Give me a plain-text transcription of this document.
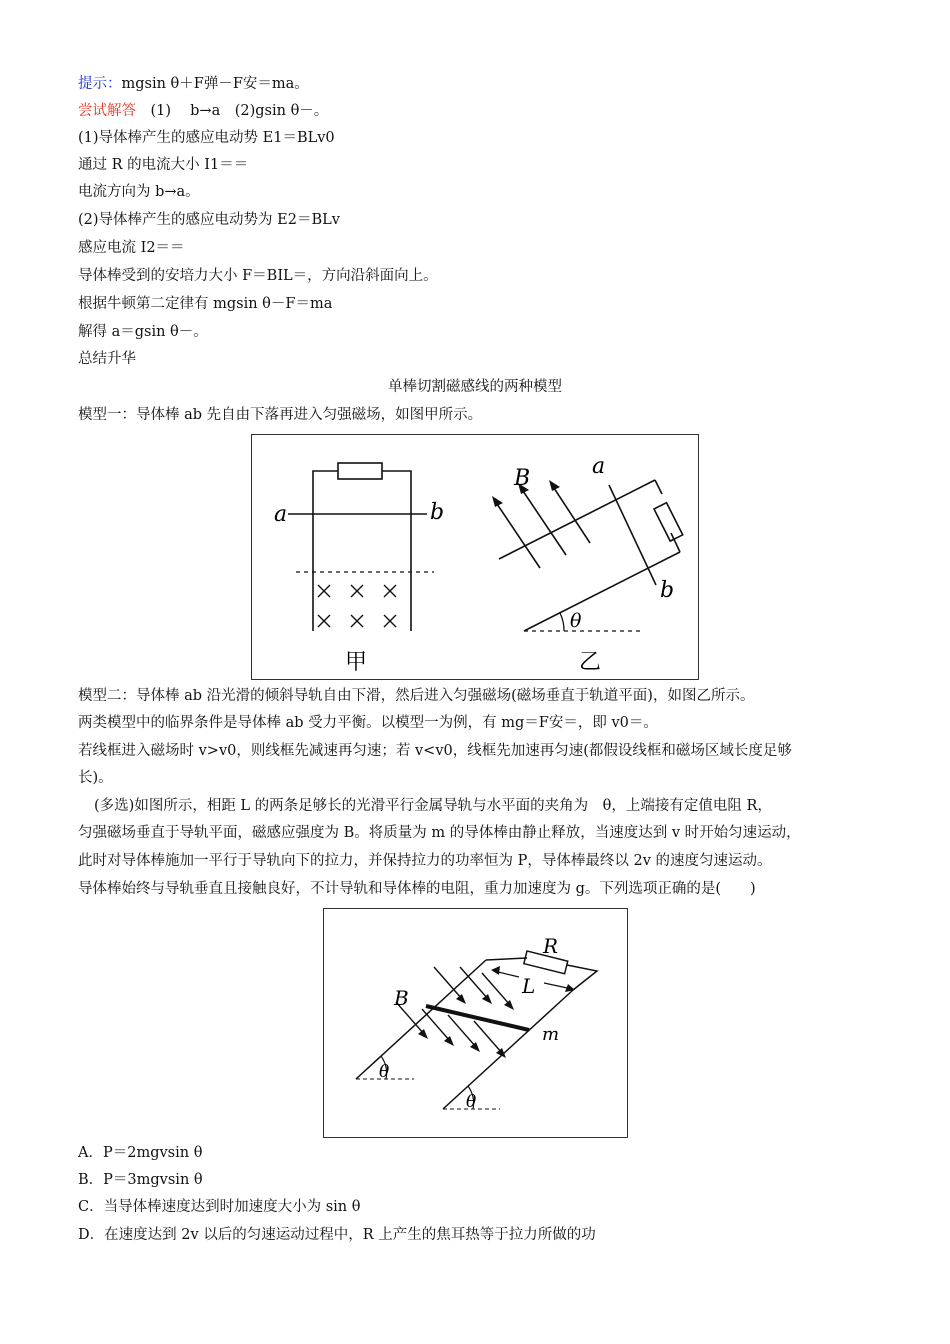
提示：mgsin θ＋F弹－F安＝ma。
尝试解答　(1)　 b→a　(2)gsin θ－。
(1)导体棒产生的感应电动势 E1＝BLv0
通过 R 的电流大小 I1＝＝
电流方向为 b→a。
(2)导体棒产生的感应电动势为 E2＝BLv
感应电流 I2＝＝
导体棒受到的安培力大小 F＝BIL＝，方向沿斜面向上。
根据牛顿第二定律有 mgsin θ－F＝ma
解得 a＝gsin θ－。
总结升华
单棒切割磁感线的两种模型
模型一：导体棒 ab 先自由下落再进入匀强磁场，如图甲所示。
a	b
甲
B	a
b
θ
乙
模型二：导体棒 ab 沿光滑的倾斜导轨自由下滑，然后进入匀强磁场(磁场垂直于轨道平面)，如图乙所示。
两类模型中的临界条件是导体棒 ab 受力平衡。以模型一为例，有 mg＝F安＝，即 v0＝。
若线框进入磁场时 v>v0，则线框先减速再匀速；若 v<v0，线框先加速再匀速(都假设线框和磁场区域长度足够
长)。
(多选)如图所示，相距 L 的两条足够长的光滑平行金属导轨与水平面的夹角为　θ，上端接有定值电阻 R，
匀强磁场垂直于导轨平面，磁感应强度为 B。将质量为 m 的导体棒由静止释放，当速度达到 v 时开始匀速运动，
此时对导体棒施加一平行于导轨向下的拉力，并保持拉力的功率恒为 P，导体棒最终以 2v 的速度匀速运动。
导体棒始终与导轨垂直且接触良好，不计导轨和导体棒的电阻，重力加速度为 g。下列选项正确的是(　　)
R
L
B
m
θ
θ
A．P＝2mgvsin θ
B．P＝3mgvsin θ
C．当导体棒速度达到时加速度大小为 sin θ
D．在速度达到 2v 以后的匀速运动过程中，R 上产生的焦耳热等于拉力所做的功
